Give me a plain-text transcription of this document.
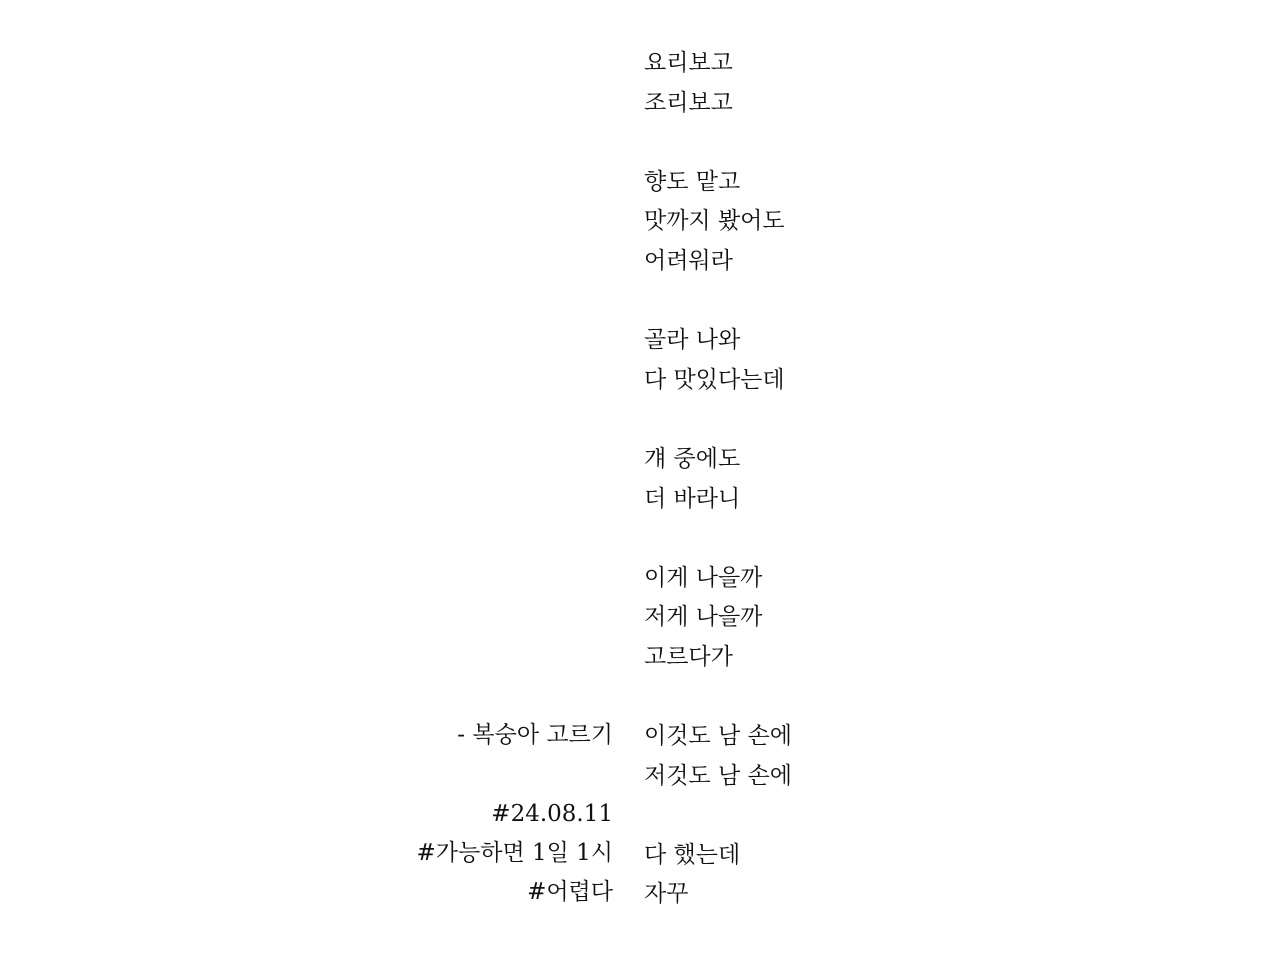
요리보고
조리보고
향도 맡고
맛까지 봤어도
어려워라
골라 나와
다 맛있다는데
걔 중에도
더 바라니
이게 나을까
저게 나을까
고르다가
이것도 남 손에
저것도 남 손에
다 했는데
자꾸
- 복숭아 고르기
#24.08.11
#가능하면 1일 1시
#어렵다
